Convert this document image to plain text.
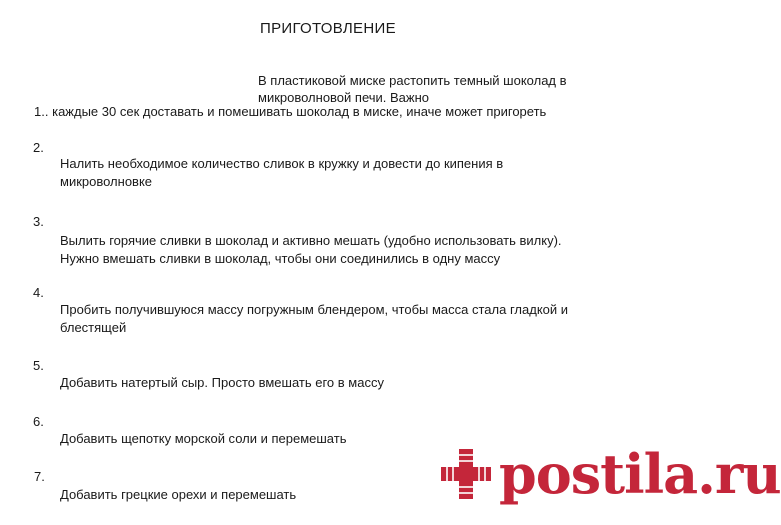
ПРИГОТОВЛЕНИЕ
В пластиковой миске растопить темный шоколад в
микроволновой печи. Важно
1.. каждые 30 сек доставать и помешивать шоколад в миске, иначе может пригореть
2.
Налить необходимое количество сливок в кружку и довести до кипения в
микроволновке
3.
Вылить горячие сливки в шоколад и активно мешать (удобно использовать вилку).
Нужно вмешать сливки в шоколад, чтобы они соединились в одну массу
4.
Пробить получившуюся массу погружным блендером, чтобы масса стала гладкой и
блестящей
5.
Добавить натертый сыр. Просто вмешать его в массу
6.
Добавить щепотку морской соли и перемешать
7.
Добавить грецкие орехи и перемешать	postila.ru
